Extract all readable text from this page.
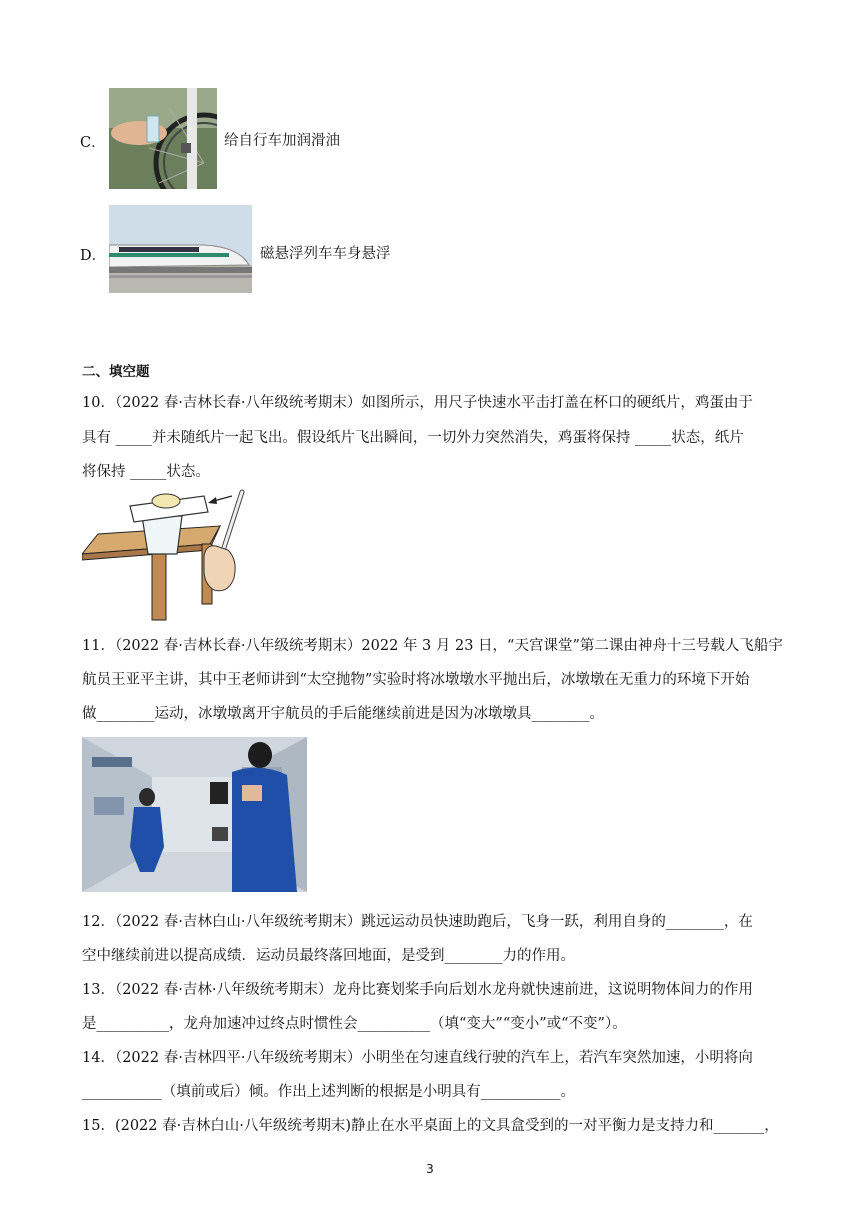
C．	给自行车加润滑油
D．	磁悬浮列车车身悬浮
二、填空题
10．（2022 春·吉林长春·八年级统考期末）如图所示，用尺子快速水平击打盖在杯口的硬纸片，鸡蛋由于
具有 _____并未随纸片一起飞出。假设纸片飞出瞬间，一切外力突然消失，鸡蛋将保持 _____状态，纸片
将保持 _____状态。
11．（2022 春·吉林长春·八年级统考期末）2022 年 3 月 23 日，“天宫课堂”第二课由神舟十三号载人飞船宇
航员王亚平主讲，其中王老师讲到“太空抛物”实验时将冰墩墩水平抛出后，冰墩墩在无重力的环境下开始
做________运动，冰墩墩离开宇航员的手后能继续前进是因为冰墩墩具________。
12．（2022 春·吉林白山·八年级统考期末）跳远运动员快速助跑后，飞身一跃，利用自身的________，在
空中继续前进以提高成绩．运动员最终落回地面，是受到________力的作用。
13．（2022 春·吉林·八年级统考期末）龙舟比赛划桨手向后划水龙舟就快速前进，这说明物体间力的作用
是__________，龙舟加速冲过终点时惯性会__________（填“变大”“变小”或“不变”）。
14．（2022 春·吉林四平·八年级统考期末）小明坐在匀速直线行驶的汽车上，若汽车突然加速，小明将向
___________（填前或后）倾。作出上述判断的根据是小明具有___________。
15．(2022 春·吉林白山·八年级统考期末)静止在水平桌面上的文具盒受到的一对平衡力是支持力和_______，
3
